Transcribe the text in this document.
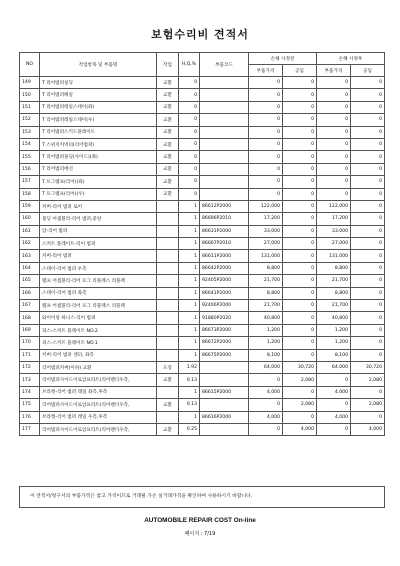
보험수리비 견적서
NO	작업항목 및 부품명	작업	H,Q,%	부품코드	손해 사정전		손해 사정후	
					부품가격	공임	부품가격	공임
149	T 리어범퍼실딩	교환	0		0	0	0	0
150	T 리어범퍼페일	교환	0		0	0	0	0
151	T 리어범퍼레일스테이(좌)	교환	0		0	0	0	0
152	T 리어범퍼레일스테이(우)	교환	0		0	0	0	0
153	T 리어범퍼스키드플레이트	교환	0		0	0	0	0
154	T 스위치커넥터(리어범퍼)	교환	0		0	0	0	0
155	T 리어범퍼몰딩(사이드)(좌)	교환	0		0	0	0	0
156	T 리어범퍼에선	교환	0		0	0	0	0
157	T 포그램프(리어)(좌)	교환	0		0	0	0	0
158	T 포그램프(리어)(우)	교환	0		0	0	0	0
159	커버-리어 범퍼 로어		1	86612P2000	122,000	0	122,000	0
160	몰딩 어셈블리-리어 범퍼,중앙		1	86696P2010	17,200	0	17,200	0
161	암-리어 범퍼		1	86631P2000	33,000	0	33,000	0
162	스커트 플레이트-리어 범퍼		1	86667P2010	27,000	0	27,000	0
163	커버-리어 범퍼		1	86611P2000	131,000	0	131,000	0
164	스테이-리어 범퍼 우측		1	86642P2000	8,800	0	8,800	0
165	램프 어셈블리-리어 포그 리플렉스 리플렉		1	92405P2000	21,700	0	21,700	0
166	스테이-리어 범퍼 좌측		1	86641P2000	8,800	0	8,800	0
167	램프 어셈블리-리어 포그 리플렉스 리플렉		1	92406P2000	21,700	0	21,700	0
168	와이어링 하니스-리어 범퍼		1	91880P2020	40,800	0	40,800	0
169	피스-스커트 플레이트 NO.2		1	86673P2000	1,200	0	1,200	0
170	피스-스커트 플레이트 NO.1		1	86672P2000	1,200	0	1,200	0
171	커버-리어 범퍼 센터, 좌측		1	86675P2000	8,100	0	8,100	0
172	리어범퍼커버(이하) 교환	도장	1.92		64,000	30,720	64,000	30,720
173	리어범퍼사이드이로암프라트(리어펜더우측,	교환	0.13		0	2,080	0	2,080
174	브라켓-리어 범퍼 레일 좌측,후측		1	86615P2000	4,000	0	4,000	0
175	리어범퍼사이드이로암프라트(리어펜더우측,	교환	0.13		0	2,080	0	2,080
176	브라켓-리어 범퍼 레일 우측,후측		1	86616P2000	4,000	0	4,000	0
177	리어범퍼사이드이로암프라트(리어펜더우측,	교환	0.25		0	4,000	0	4,000
이 견적서/청구서의 부품가격은 참고 가격이므로 거래될 가온 실거래가격을 확인하여 사용하시기 바랍니다.
AUTOMOBILE REPAIR COST On-line
페이지 : 7/19
